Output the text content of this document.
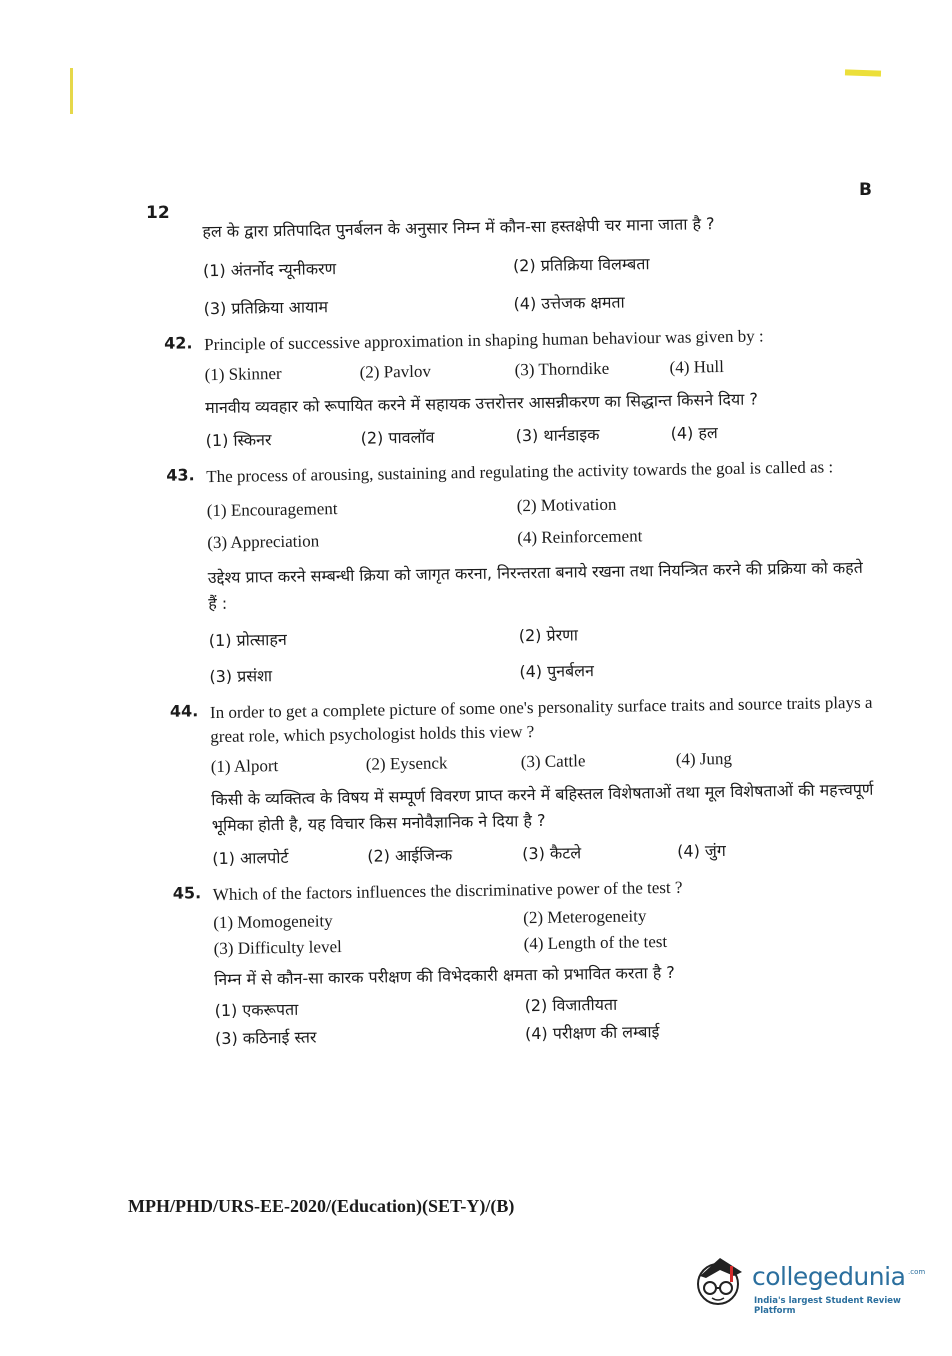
12
B
हल के द्वारा प्रतिपादित पुनर्बलन के अनुसार निम्न में कौन-सा हस्तक्षेपी चर माना जाता है ?
(1) अंतर्नोद न्यूनीकरण	(2) प्रतिक्रिया विलम्बता
(3) प्रतिक्रिया आयाम	(4) उत्तेजक क्षमता
42. Principle of successive approximation in shaping human behaviour was given by :
(1) Skinner	(2) Pavlov	(3) Thorndike	(4) Hull
मानवीय व्यवहार को रूपायित करने में सहायक उत्तरोत्तर आसन्नीकरण का सिद्धान्त किसने दिया ?
(1) स्किनर	(2) पावलॉव	(3) थार्नडाइक	(4) हल
43. The process of arousing, sustaining and regulating the activity towards the goal is called as :
(1) Encouragement	(2) Motivation
(3) Appreciation	(4) Reinforcement
उद्देश्य प्राप्त करने सम्बन्धी क्रिया को जागृत करना, निरन्तरता बनाये रखना तथा नियन्त्रित करने की प्रक्रिया को कहते हैं :
(1) प्रोत्साहन	(2) प्रेरणा
(3) प्रसंशा	(4) पुनर्बलन
44. In order to get a complete picture of some one's personality surface traits and source traits plays a great role, which psychologist holds this view ?
(1) Alport	(2) Eysenck	(3) Cattle	(4) Jung
किसी के व्यक्तित्व के विषय में सम्पूर्ण विवरण प्राप्त करने में बहिस्तल विशेषताओं तथा मूल विशेषताओं की महत्त्वपूर्ण भूमिका होती है, यह विचार किस मनोवैज्ञानिक ने दिया है ?
(1) आलपोर्ट	(2) आईजिन्क	(3) कैटले	(4) जुंग
45. Which of the factors influences the discriminative power of the test ?
(1) Momogeneity	(2) Meterogeneity
(3) Difficulty level	(4) Length of the test
निम्न में से कौन-सा कारक परीक्षण की विभेदकारी क्षमता को प्रभावित करता है ?
(1) एकरूपता	(2) विजातीयता
(3) कठिनाई स्तर	(4) परीक्षण की लम्बाई
MPH/PHD/URS-EE-2020/(Education)(SET-Y)/(B)
collegedunia .com
India's largest Student Review Platform
